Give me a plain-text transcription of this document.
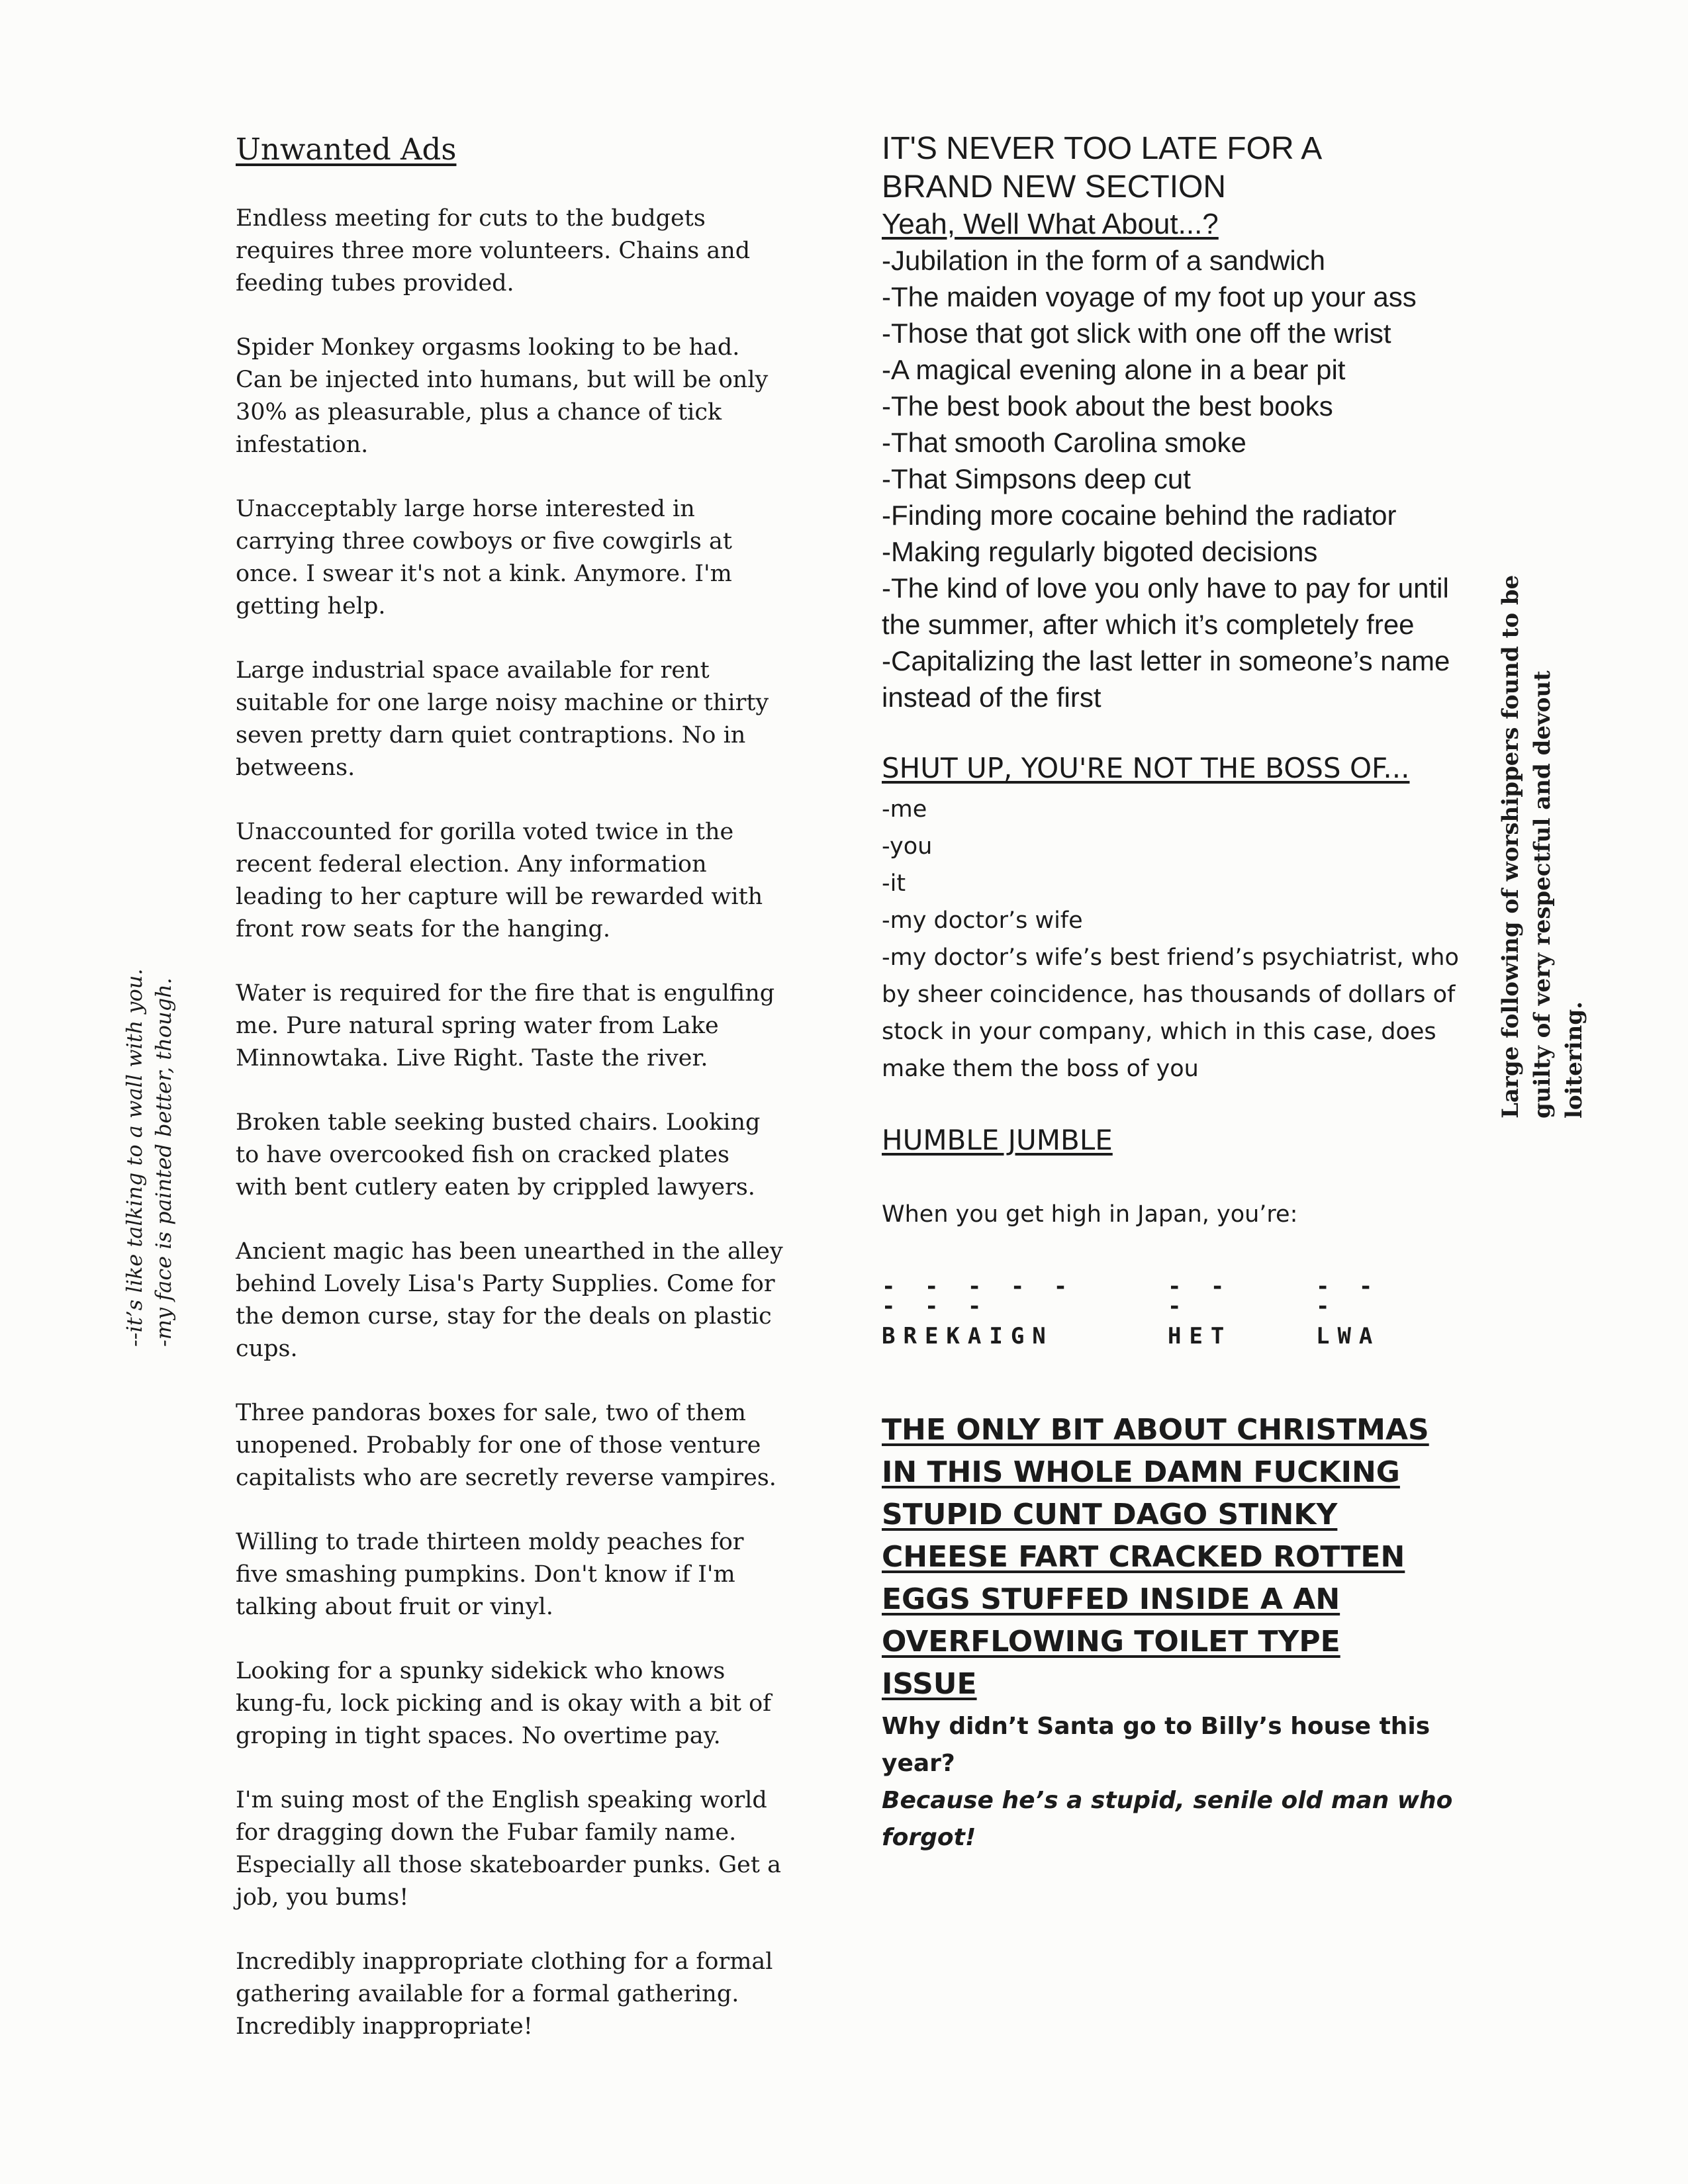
Unwanted Ads
Endless meeting for cuts to the budgets requires three more volunteers. Chains and feeding tubes provided.
Spider Monkey orgasms looking to be had. Can be injected into humans, but will be only 30% as pleasurable, plus a chance of tick infestation.
Unacceptably large horse interested in carrying three cowboys or five cowgirls at once. I swear it's not a kink. Anymore. I'm getting help.
Large industrial space available for rent suitable for one large noisy machine or thirty seven pretty darn quiet contraptions. No in betweens.
Unaccounted for gorilla voted twice in the recent federal election. Any information leading to her capture will be rewarded with front row seats for the hanging.
Water is required for the fire that is engulfing me. Pure natural spring water from Lake Minnowtaka. Live Right. Taste the river.
Broken table seeking busted chairs. Looking to have overcooked fish on cracked plates with bent cutlery eaten by crippled lawyers.
Ancient magic has been unearthed in the alley behind Lovely Lisa's Party Supplies. Come for the demon curse, stay for the deals on plastic cups.
Three pandoras boxes for sale, two of them unopened. Probably for one of those venture capitalists who are secretly reverse vampires.
Willing to trade thirteen moldy peaches for five smashing pumpkins. Don't know if I'm talking about fruit or vinyl.
Looking for a spunky sidekick who knows kung-fu, lock picking and is okay with a bit of groping in tight spaces. No overtime pay.
I'm suing most of the English speaking world for dragging down the Fubar family name. Especially all those skateboarder punks. Get a job, you bums!
Incredibly inappropriate clothing for a formal gathering available for a formal gathering. Incredibly inappropriate!
IT'S NEVER TOO LATE FOR A
BRAND NEW SECTION
Yeah, Well What About...?
-Jubilation in the form of a sandwich
-The maiden voyage of my foot up your ass
-Those that got slick with one off the wrist
-A magical evening alone in a bear pit
-The best book about the best books
-That smooth Carolina smoke
-That Simpsons deep cut
-Finding more cocaine behind the radiator
-Making regularly bigoted decisions
-The kind of love you only have to pay for until the summer, after which it’s completely free
-Capitalizing the last letter in someone’s name instead of the first
SHUT UP, YOU'RE NOT THE BOSS OF...
-me
-you
-it
-my doctor’s wife
-my doctor’s wife’s best friend’s psychiatrist, who by sheer coincidence, has thousands of dollars of stock in your company, which in this case, does make them the boss of you
HUMBLE JUMBLE
When you get high in Japan, you’re:
- - - - - - - -
BREKAIGN
- - -
HET
- - -
LWA
THE ONLY BIT ABOUT CHRISTMAS IN THIS WHOLE DAMN FUCKING STUPID CUNT DAGO STINKY CHEESE FART CRACKED ROTTEN EGGS STUFFED INSIDE A AN OVERFLOWING TOILET TYPE ISSUE
Why didn’t Santa go to Billy’s house this year?
Because he’s a stupid, senile old man who forgot!
--it’s like talking to a wall with you. -my face is painted better, though.
Large following of worshippers found to be guilty of very respectful and devout loitering.
